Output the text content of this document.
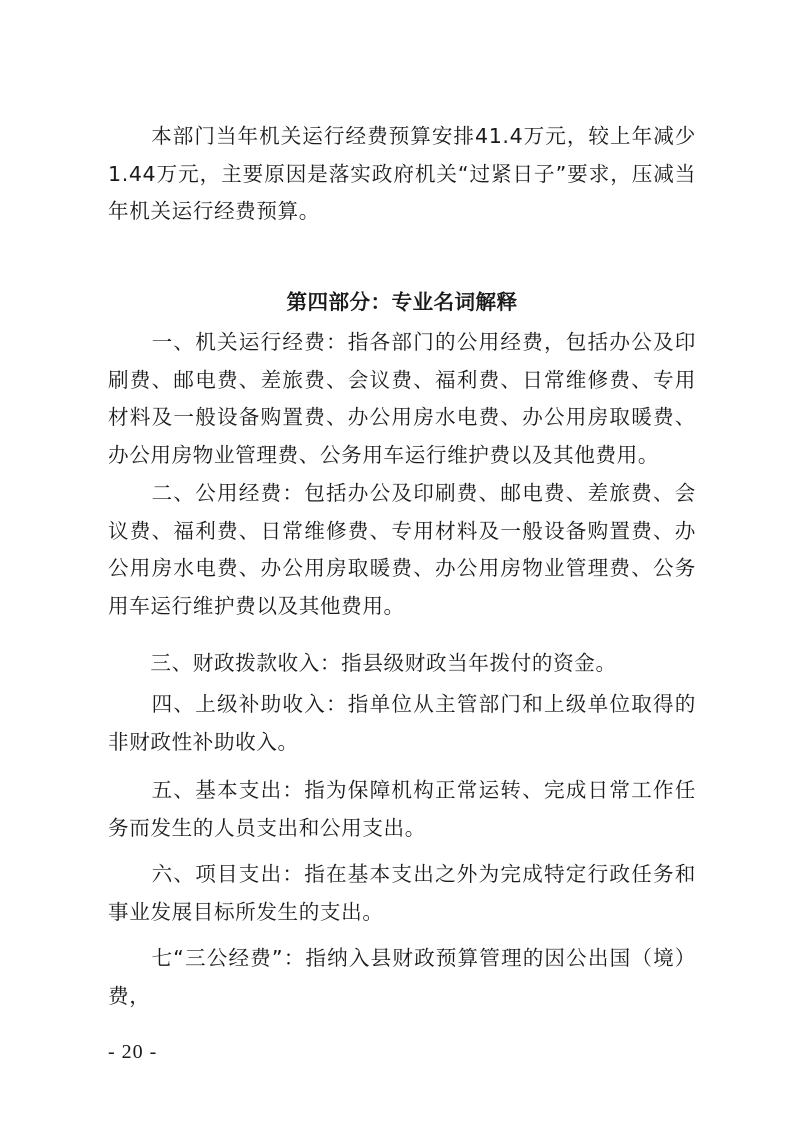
　　本部门当年机关运行经费预算安排41.4万元，较上年减少1.44万元，主要原因是落实政府机关“过紧日子”要求，压减当年机关运行经费预算。

第四部分：专业名词解释

　　一、机关运行经费：指各部门的公用经费，包括办公及印刷费、邮电费、差旅费、会议费、福利费、日常维修费、专用材料及一般设备购置费、办公用房水电费、办公用房取暖费、办公用房物业管理费、公务用车运行维护费以及其他费用。

　　二、公用经费：包括办公及印刷费、邮电费、差旅费、会议费、福利费、日常维修费、专用材料及一般设备购置费、办公用房水电费、办公用房取暖费、办公用房物业管理费、公务用车运行维护费以及其他费用。

　　三、财政拨款收入：指县级财政当年拨付的资金。

　　四、上级补助收入：指单位从主管部门和上级单位取得的非财政性补助收入。

　　五、基本支出：指为保障机构正常运转、完成日常工作任务而发生的人员支出和公用支出。

　　六、项目支出：指在基本支出之外为完成特定行政任务和事业发展目标所发生的支出。

　　七“三公经费”：指纳入县财政预算管理的因公出国（境）费，

- 20 -
